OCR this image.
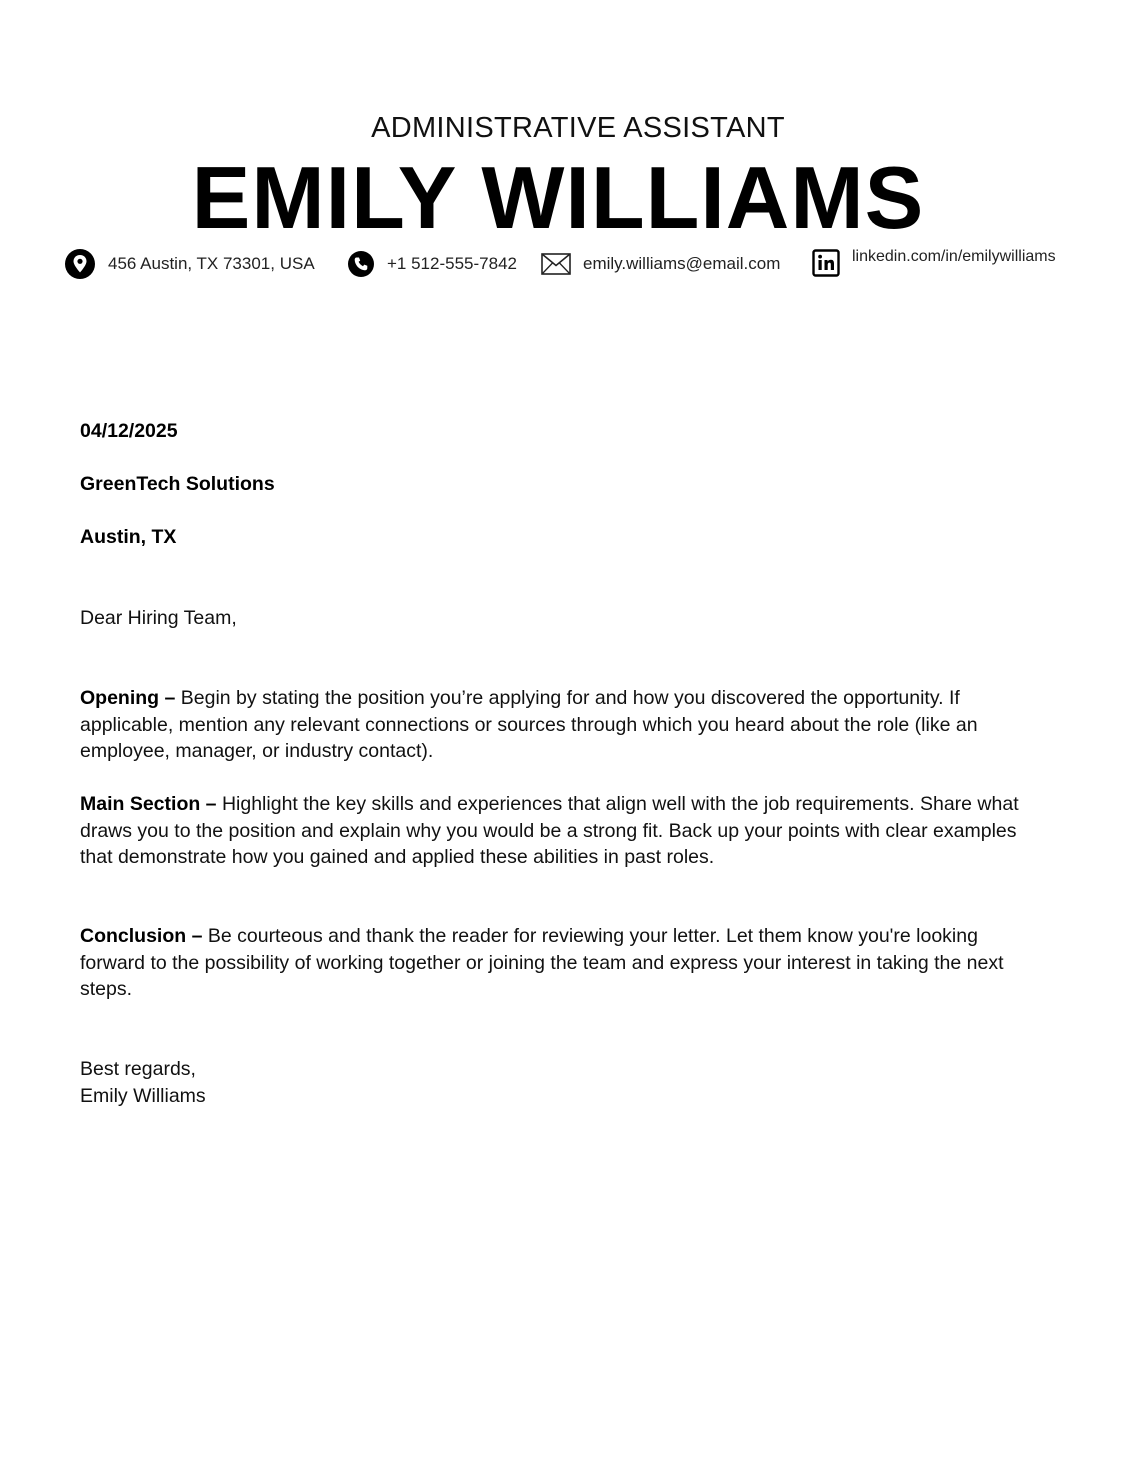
ADMINISTRATIVE ASSISTANT
EMILY WILLIAMS
456 Austin, TX 73301, USA	+1 512-555-7842	emily.williams@email.com	linkedin.com/in/emilywilliams
04/12/2025
GreenTech Solutions
Austin, TX
Dear Hiring Team,
Opening – Begin by stating the position you’re applying for and how you discovered the opportunity. If applicable, mention any relevant connections or sources through which you heard about the role (like an employee, manager, or industry contact).
Main Section – Highlight the key skills and experiences that align well with the job requirements. Share what draws you to the position and explain why you would be a strong fit. Back up your points with clear examples that demonstrate how you gained and applied these abilities in past roles.
Conclusion – Be courteous and thank the reader for reviewing your letter. Let them know you're looking forward to the possibility of working together or joining the team and express your interest in taking the next steps.
Best regards,
Emily Williams
